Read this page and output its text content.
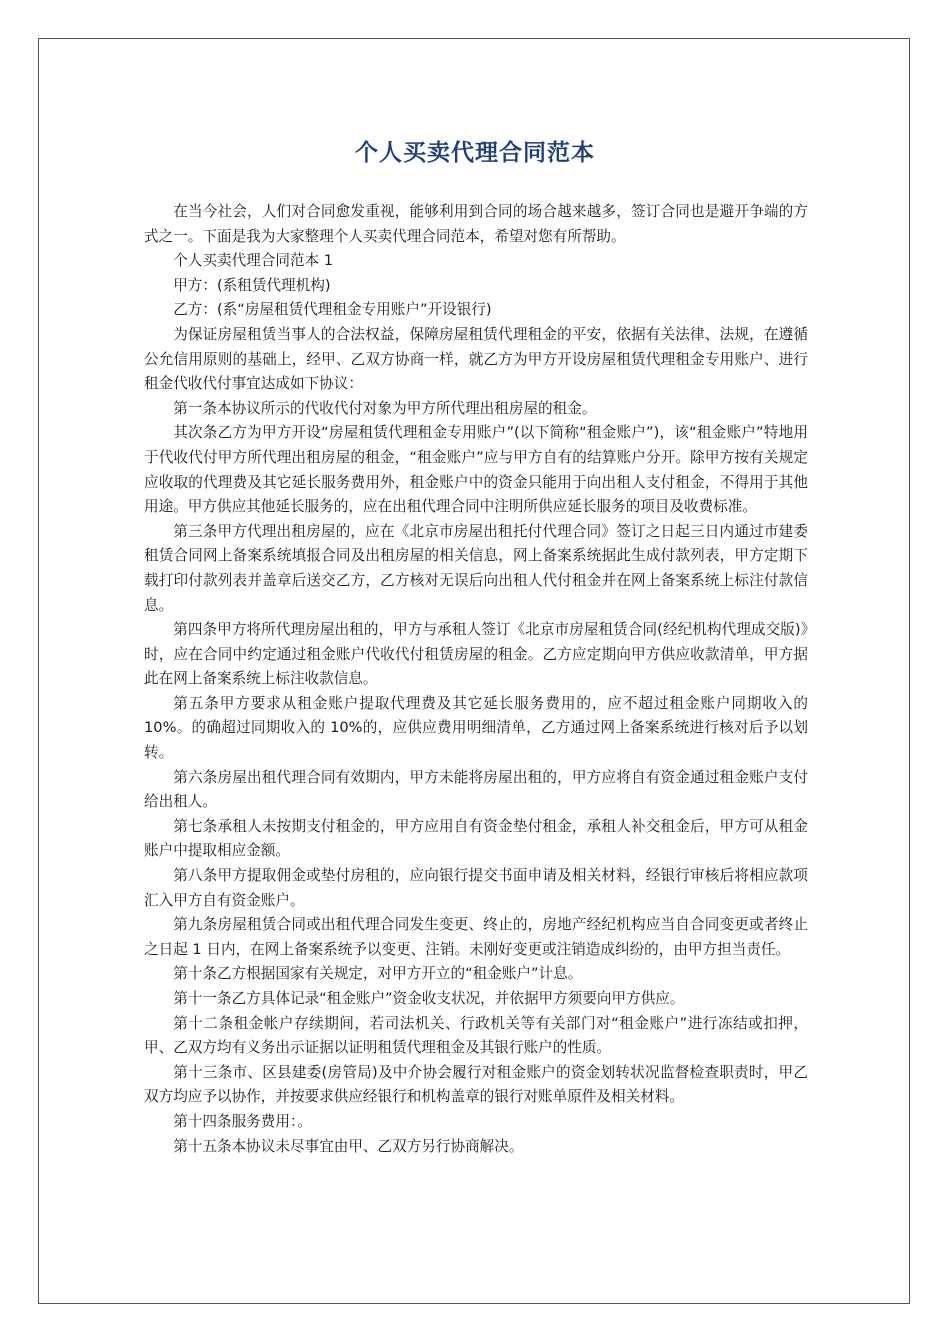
个人买卖代理合同范本

在当今社会，人们对合同愈发重视，能够利用到合同的场合越来越多，签订合同也是避开争端的方式之一。下面是我为大家整理个人买卖代理合同范本，希望对您有所帮助。

个人买卖代理合同范本 1

甲方：(系租赁代理机构)

乙方：(系“房屋租赁代理租金专用账户”开设银行)

为保证房屋租赁当事人的合法权益，保障房屋租赁代理租金的平安，依据有关法律、法规，在遵循公允信用原则的基础上，经甲、乙双方协商一样，就乙方为甲方开设房屋租赁代理租金专用账户、进行租金代收代付事宜达成如下协议：

第一条本协议所示的代收代付对象为甲方所代理出租房屋的租金。

其次条乙方为甲方开设“房屋租赁代理租金专用账户”(以下简称“租金账户”)，该“租金账户”特地用于代收代付甲方所代理出租房屋的租金，“租金账户”应与甲方自有的结算账户分开。除甲方按有关规定应收取的代理费及其它延长服务费用外，租金账户中的资金只能用于向出租人支付租金，不得用于其他用途。甲方供应其他延长服务的，应在出租代理合同中注明所供应延长服务的项目及收费标准。

第三条甲方代理出租房屋的，应在《北京市房屋出租托付代理合同》签订之日起三日内通过市建委租赁合同网上备案系统填报合同及出租房屋的相关信息，网上备案系统据此生成付款列表，甲方定期下载打印付款列表并盖章后送交乙方，乙方核对无误后向出租人代付租金并在网上备案系统上标注付款信息。

第四条甲方将所代理房屋出租的，甲方与承租人签订《北京市房屋租赁合同(经纪机构代理成交版)》时，应在合同中约定通过租金账户代收代付租赁房屋的租金。乙方应定期向甲方供应收款清单，甲方据此在网上备案系统上标注收款信息。

第五条甲方要求从租金账户提取代理费及其它延长服务费用的，应不超过租金账户同期收入的 10%。的确超过同期收入的 10%的，应供应费用明细清单，乙方通过网上备案系统进行核对后予以划转。

第六条房屋出租代理合同有效期内，甲方未能将房屋出租的，甲方应将自有资金通过租金账户支付给出租人。

第七条承租人未按期支付租金的，甲方应用自有资金垫付租金，承租人补交租金后，甲方可从租金账户中提取相应金额。

第八条甲方提取佣金或垫付房租的，应向银行提交书面申请及相关材料，经银行审核后将相应款项汇入甲方自有资金账户。

第九条房屋租赁合同或出租代理合同发生变更、终止的，房地产经纪机构应当自合同变更或者终止之日起 1 日内，在网上备案系统予以变更、注销。未刚好变更或注销造成纠纷的，由甲方担当责任。

第十条乙方根据国家有关规定，对甲方开立的“租金账户”计息。

第十一条乙方具体记录“租金账户”资金收支状况，并依据甲方须要向甲方供应。

第十二条租金帐户存续期间，若司法机关、行政机关等有关部门对“租金账户”进行冻结或扣押，甲、乙双方均有义务出示证据以证明租赁代理租金及其银行账户的性质。

第十三条市、区县建委(房管局)及中介协会履行对租金账户的资金划转状况监督检查职责时，甲乙双方均应予以协作，并按要求供应经银行和机构盖章的银行对账单原件及相关材料。

第十四条服务费用：。

第十五条本协议未尽事宜由甲、乙双方另行协商解决。
